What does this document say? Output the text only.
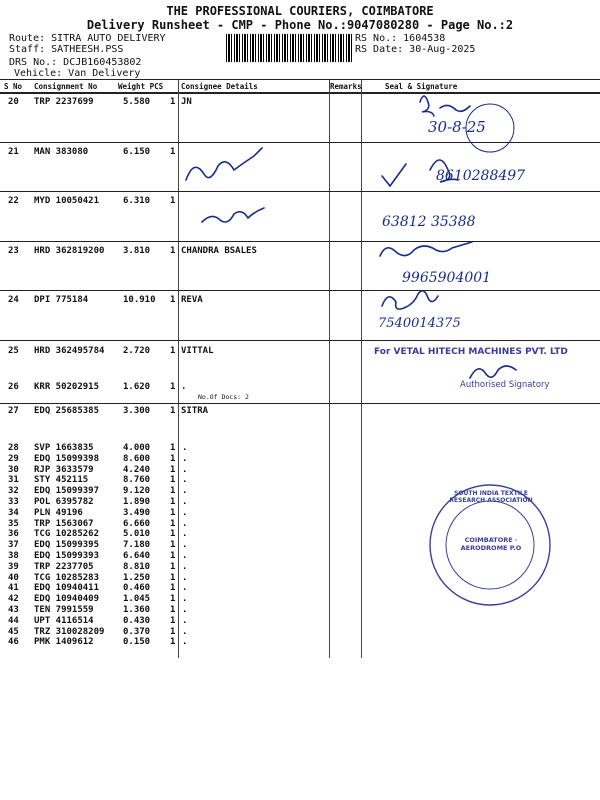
THE PROFESSIONAL COURIERS, COIMBATORE
Delivery Runsheet - CMP - Phone No.:9047080280 - Page No.:2
Route: SITRA AUTO DELIVERY
Staff: SATHEESH.PSS
DRS No.: DCJB160453802
Vehicle: Van Delivery
RS No.: 1604538
RS Date: 30-Aug-2025
S No Consignment No	Weight PCS Consignee Details	Remarks	Seal & Signature
20 TRP 2237699	5.580 1 JN
21 MAN 383080	6.150 1
22 MYD 10050421	6.310 1
23 HRD 362819200 3.810 1 CHANDRA BSALES
24 DPI 775184	10.910 1 REVA
25 HRD 362495784 2.720 1 VITTAL
26 KRR 50202915	1.620 1 .
No.Of Docs: 2
27 EDQ 25685385	3.300 1 SITRA
28 SVP 1663835	4.000 1 .
29 EDQ 15099398	8.600 1 .
30 RJP 3633579	4.240 1 .
31 STY 452115	8.760 1 .
32 EDQ 15099397	9.120 1 .
33 POL 6395782	1.890 1 .
34 PLN 49196	3.490 1 .
35 TRP 1563067	6.660 1 .
36 TCG 10285262	5.010 1 .
37 EDQ 15099395	7.180 1 .
38 EDQ 15099393	6.640 1 .
39 TRP 2237705	8.810 1 .
40 TCG 10285283	1.250 1 .
41 EDQ 10940411	0.460 1 .
42 EDQ 10940409	1.045 1 .
43 TEN 7991559	1.360 1 .
44 UPT 4116514	0.430 1 .
45 TRZ 310028209 0.370 1 .
46 PMK 1409612	0.150 1 .
30-8-25
8610288497
63812 35388
9965904001
7540014375
For VETAL HITECH MACHINES PVT. LTD
Authorised Signatory
SOUTH INDIA TEXTILE RESEARCH ASSOCIATION
COIMBATORE · AERODROME P.O
